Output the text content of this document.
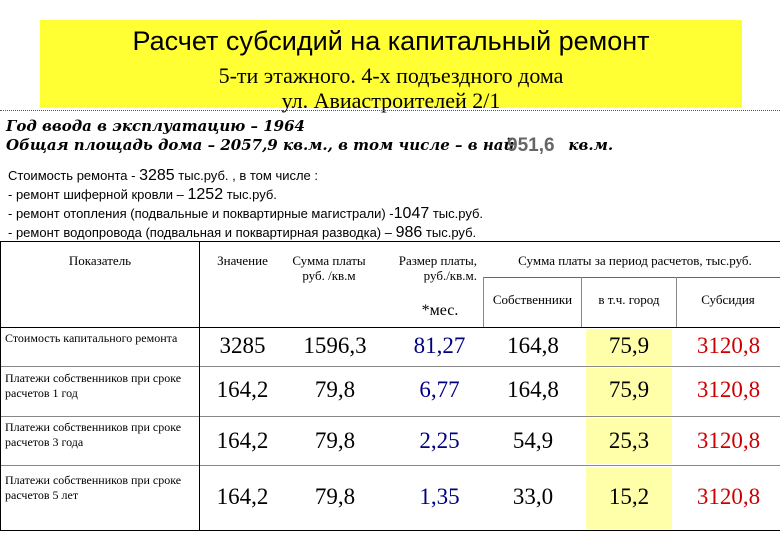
Расчет субсидий на капитальный ремонт
5-ти этажного. 4-х подъездного дома
ул. Авиастроителей 2/1
Год ввода в эксплуатацию – 1964
Общая площадь дома – 2057,9 кв.м., в том числе – в най	кв.м.
951,6
Стоимость ремонта - 3285 тыс.руб. , в том числе :
- ремонт шиферной кровли – 1252 тыс.руб.
- ремонт отопления (подвальные и поквартирные магистрали) -1047 тыс.руб.
- ремонт водопровода (подвальная и поквартирная разводка) – 986 тыс.руб.
Показатель	Значение	Сумма платы руб. /кв.м
Размер платы, руб./кв.м.
*мес.
Сумма платы за период расчетов, тыс.руб.
Собственники	в т.ч. город	Субсидия
Стоимость капитального ремонта	3285	1596,3	81,27	164,8	75,9	3120,8
Платежи собственников при сроке расчетов 1 год	164,2	79,8	6,77	164,8	75,9	3120,8
Платежи собственников при сроке расчетов 3 года	164,2	79,8	2,25	54,9	25,3	3120,8
Платежи собственников при сроке расчетов 5 лет	164,2	79,8	1,35	33,0	15,2	3120,8
